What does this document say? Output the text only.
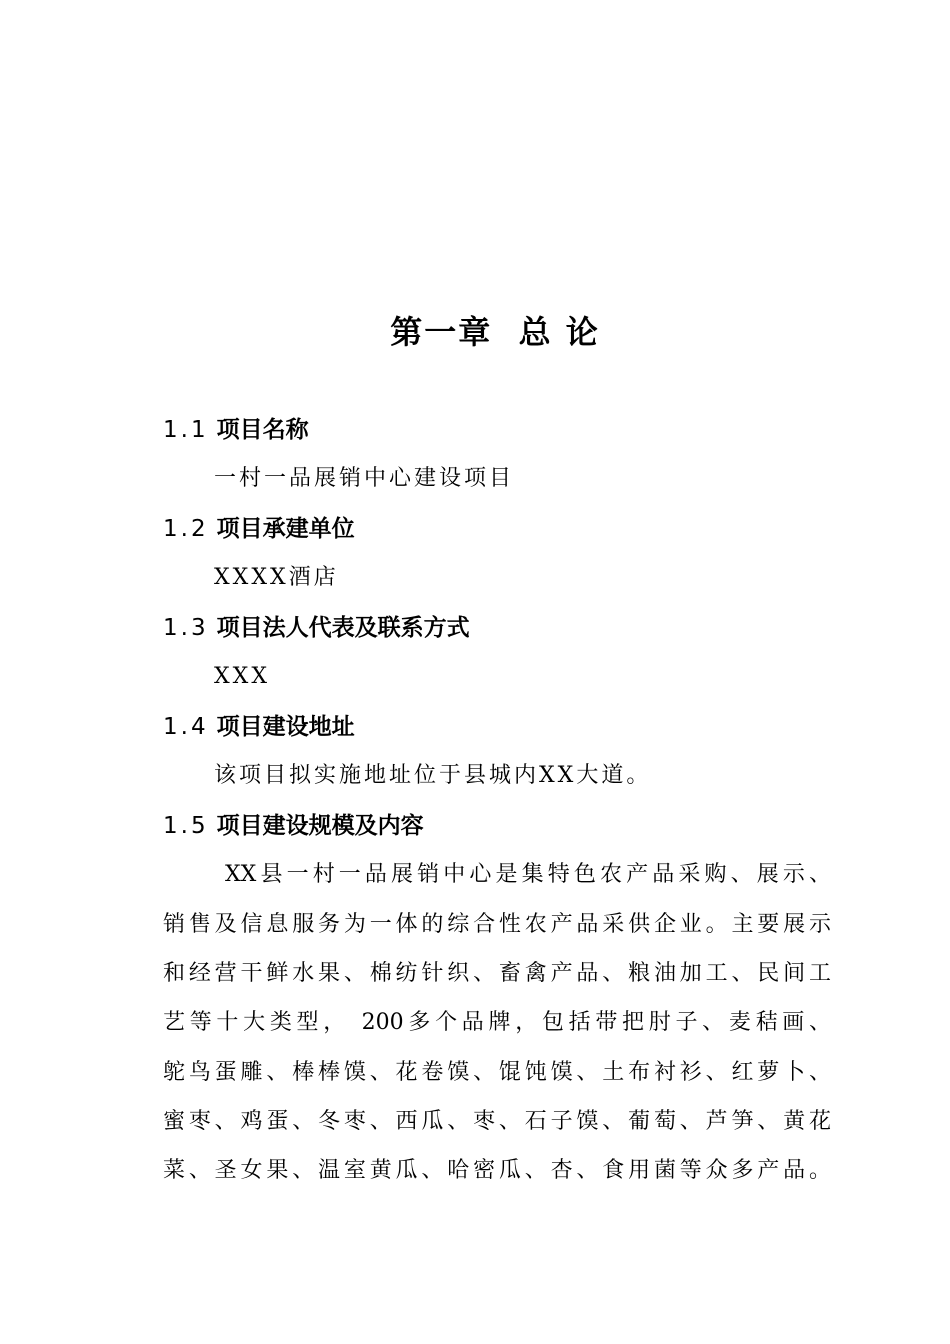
第一章  总 论
1.1 项目名称
一村一品展销中心建设项目
1.2 项目承建单位
XXXX酒店
1.3 项目法人代表及联系方式
XXX
1.4 项目建设地址
该项目拟实施地址位于县城内XX大道。
1.5 项目建设规模及内容
XX县一村一品展销中心是集特色农产品采购、展示、
销售及信息服务为一体的综合性农产品采供企业。主要展示
和经营干鲜水果、棉纺针织、畜禽产品、粮油加工、民间工
艺等十大类型， 200多个品牌，包括带把肘子、麦秸画、
鸵鸟蛋雕、棒棒馍、花卷馍、馄饨馍、土布衬衫、红萝卜、
蜜枣、鸡蛋、冬枣、西瓜、枣、石子馍、葡萄、芦笋、黄花
菜、圣女果、温室黄瓜、哈密瓜、杏、食用菌等众多产品。
